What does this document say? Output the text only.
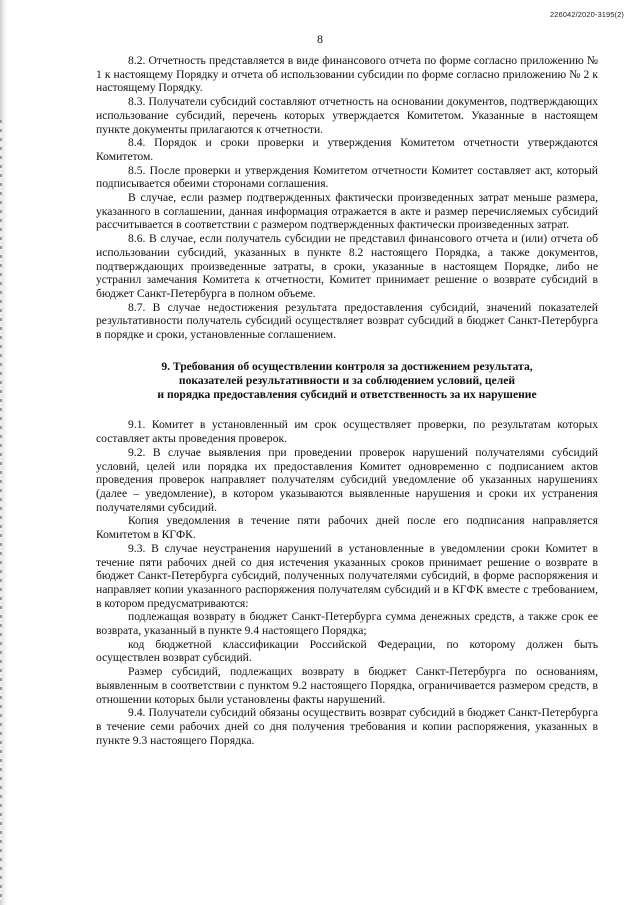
226042/2020-3195(2)
8

8.2. Отчетность представляется в виде финансового отчета по форме согласно приложению № 1 к настоящему Порядку и отчета об использовании субсидии по форме согласно приложению № 2 к настоящему Порядку.

8.3. Получатели субсидий составляют отчетность на основании документов, подтверждающих использование субсидий, перечень которых утверждается Комитетом. Указанные в настоящем пункте документы прилагаются к отчетности.

8.4. Порядок и сроки проверки и утверждения Комитетом отчетности утверждаются Комитетом.

8.5. После проверки и утверждения Комитетом отчетности Комитет составляет акт, который подписывается обеими сторонами соглашения.

В случае, если размер подтвержденных фактически произведенных затрат меньше размера, указанного в соглашении, данная информация отражается в акте и размер перечисляемых субсидий рассчитывается в соответствии с размером подтвержденных фактически произведенных затрат.

8.6. В случае, если получатель субсидии не представил финансового отчета и (или) отчета об использовании субсидий, указанных в пункте 8.2 настоящего Порядка, а также документов, подтверждающих произведенные затраты, в сроки, указанные в настоящем Порядке, либо не устранил замечания Комитета к отчетности, Комитет принимает решение о возврате субсидий в бюджет Санкт-Петербурга в полном объеме.

8.7. В случае недостижения результата предоставления субсидий, значений показателей результативности получатель субсидий осуществляет возврат субсидий в бюджет Санкт-Петербурга в порядке и сроки, установленные соглашением.

9. Требования об осуществлении контроля за достижением результата,
показателей результативности и за соблюдением условий, целей
и порядка предоставления субсидий и ответственность за их нарушение

9.1. Комитет в установленный им срок осуществляет проверки, по результатам которых составляет акты проведения проверок.

9.2. В случае выявления при проведении проверок нарушений получателями субсидий условий, целей или порядка их предоставления Комитет одновременно с подписанием актов проведения проверок направляет получателям субсидий уведомление об указанных нарушениях (далее – уведомление), в котором указываются выявленные нарушения и сроки их устранения получателями субсидий.

Копия уведомления в течение пяти рабочих дней после его подписания направляется Комитетом в КГФК.

9.3. В случае неустранения нарушений в установленные в уведомлении сроки Комитет в течение пяти рабочих дней со дня истечения указанных сроков принимает решение о возврате в бюджет Санкт-Петербурга субсидий, полученных получателями субсидий, в форме распоряжения и направляет копии указанного распоряжения получателям субсидий и в КГФК вместе с требованием, в котором предусматриваются:

подлежащая возврату в бюджет Санкт-Петербурга сумма денежных средств, а также срок ее возврата, указанный в пункте 9.4 настоящего Порядка;

код бюджетной классификации Российской Федерации, по которому должен быть осуществлен возврат субсидий.

Размер субсидий, подлежащих возврату в бюджет Санкт-Петербурга по основаниям, выявленным в соответствии с пунктом 9.2 настоящего Порядка, ограничивается размером средств, в отношении которых были установлены факты нарушений.

9.4. Получатели субсидий обязаны осуществить возврат субсидий в бюджет Санкт-Петербурга в течение семи рабочих дней со дня получения требования и копии распоряжения, указанных в пункте 9.3 настоящего Порядка.
